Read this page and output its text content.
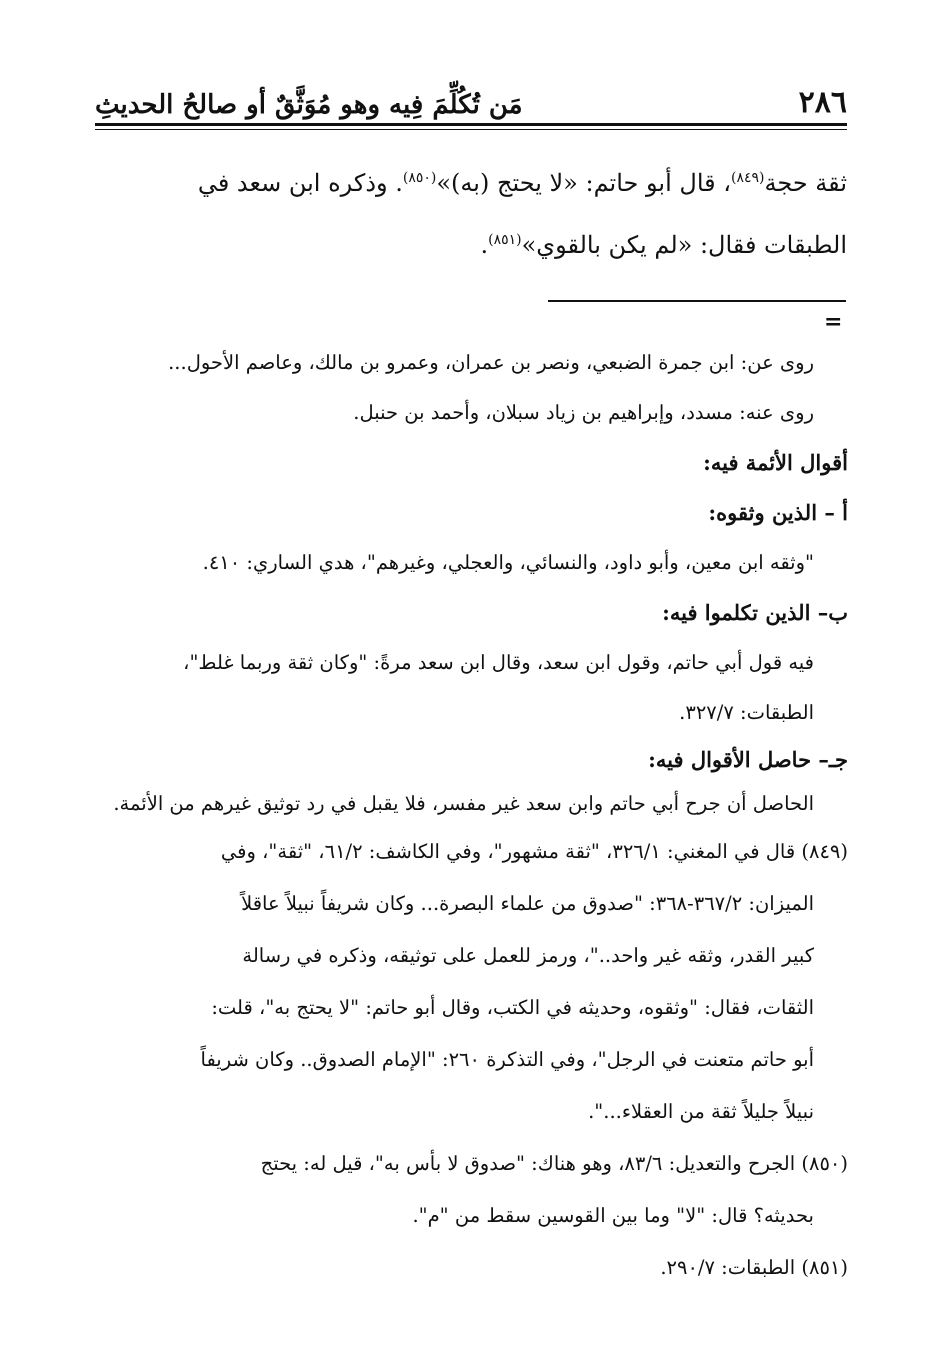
٢٨٦
مَن تُكُلِّمَ فِيه وهو مُوَثَّقٌ أو صالحُ الحديثِ
ثقة حجة$^{(٨٤٩)}$، قال أبو حاتم: «لا يحتج (به)»$^{(٨٥٠)}$. وذكره ابن سعد في
الطبقات فقال: «لم يكن بالقوي»$^{(٨٥١)}$.
=
روى عن: ابن جمرة الضبعي، ونصر بن عمران، وعمرو بن مالك، وعاصم الأحول...
روى عنه: مسدد، وإبراهيم بن زياد سبلان، وأحمد بن حنبل.
أقوال الأئمة فيه:
أ – الذين وثقوه:
"وثقه ابن معين، وأبو داود، والنسائي، والعجلي، وغيرهم"، هدي الساري: ٤١٠.
ب– الذين تكلموا فيه:
فيه قول أبي حاتم، وقول ابن سعد، وقال ابن سعد مرةً: "وكان ثقة وربما غلط"،
الطبقات: ٣٢٧/٧.
جـ– حاصل الأقوال فيه:
الحاصل أن جرح أبي حاتم وابن سعد غير مفسر، فلا يقبل في رد توثيق غيرهم من الأئمة.
(٨٤٩) قال في المغني: ٣٢٦/١، "ثقة مشهور"، وفي الكاشف: ٦١/٢، "ثقة"، وفي
الميزان: ٣٦٧/٢-٣٦٨: "صدوق من علماء البصرة... وكان شريفاً نبيلاً عاقلاً
كبير القدر، وثقه غير واحد.."، ورمز للعمل على توثيقه، وذكره في رسالة
الثقات، فقال: "وثقوه، وحديثه في الكتب، وقال أبو حاتم: "لا يحتج به"، قلت:
أبو حاتم متعنت في الرجل"، وفي التذكرة ٢٦٠: "الإمام الصدوق.. وكان شريفاً
نبيلاً جليلاً ثقة من العقلاء...".
(٨٥٠) الجرح والتعديل: ٨٣/٦، وهو هناك: "صدوق لا بأس به"، قيل له: يحتج
بحديثه؟ قال: "لا" وما بين القوسين سقط من "م".
(٨٥١) الطبقات: ٢٩٠/٧.
